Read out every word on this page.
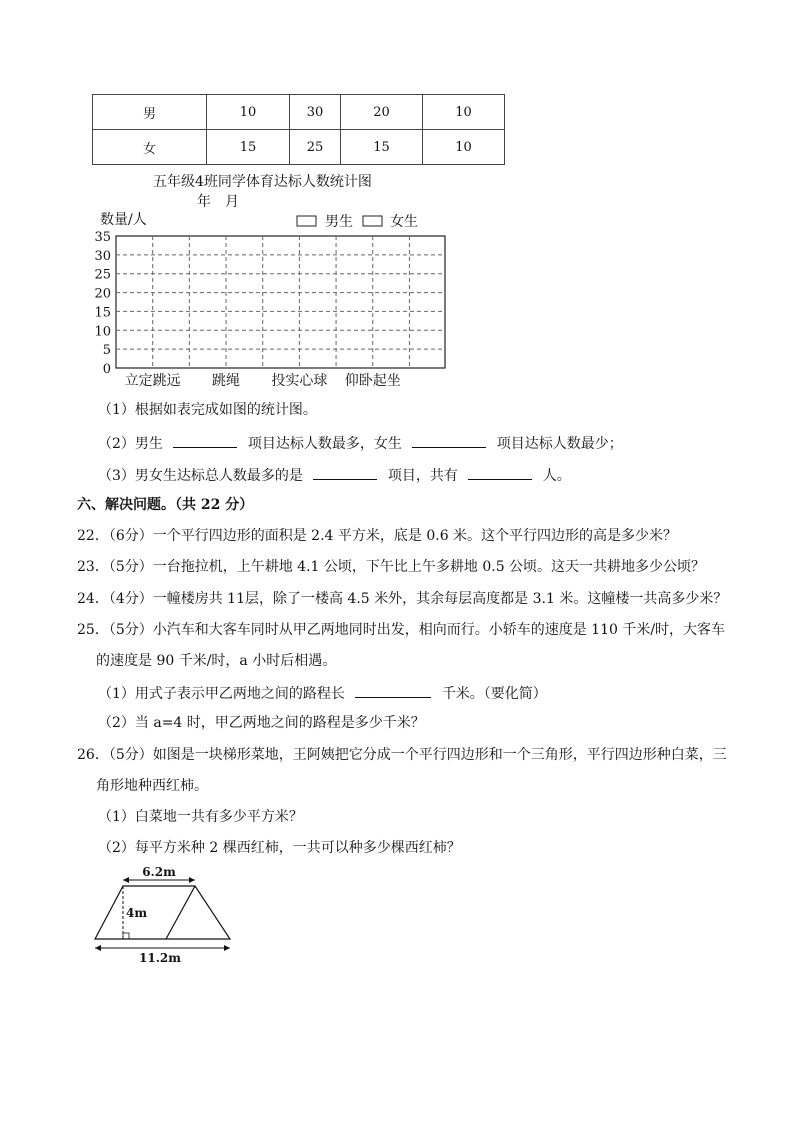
男	10	30	20	10
女	15	25	15	10
五年级4班同学体育达标人数统计图
年　月
数量/人	男生	女生
0
5
10
15
20
25
30
35
立定跳远 跳绳 投实心球 仰卧起坐
（1）根据如表完成如图的统计图。
（2）男生	项目达标人数最多，女生	项目达标人数最少；
（3）男女生达标总人数最多的是	项目，共有	人。
六、解决问题。（共 22 分）
22．（6分）一个平行四边形的面积是 2.4 平方米，底是 0.6 米。这个平行四边形的高是多少米？
23．（5分）一台拖拉机，上午耕地 4.1 公顷，下午比上午多耕地 0.5 公顷。这天一共耕地多少公顷？
24．（4分）一幢楼房共 11层，除了一楼高 4.5 米外，其余每层高度都是 3.1 米。这幢楼一共高多少米？
25．（5分）小汽车和大客车同时从甲乙两地同时出发，相向而行。小轿车的速度是 110 千米/时，大客车
的速度是 90 千米/时，a 小时后相遇。
（1）用式子表示甲乙两地之间的路程长	千米。（要化简）
（2）当 a=4 时，甲乙两地之间的路程是多少千米？
26．（5分）如图是一块梯形菜地，王阿姨把它分成一个平行四边形和一个三角形，平行四边形种白菜，三
角形地种西红柿。
（1）白菜地一共有多少平方米？
（2）每平方米种 2 棵西红柿，一共可以种多少棵西红柿？
6.2m
4m
11.2m
